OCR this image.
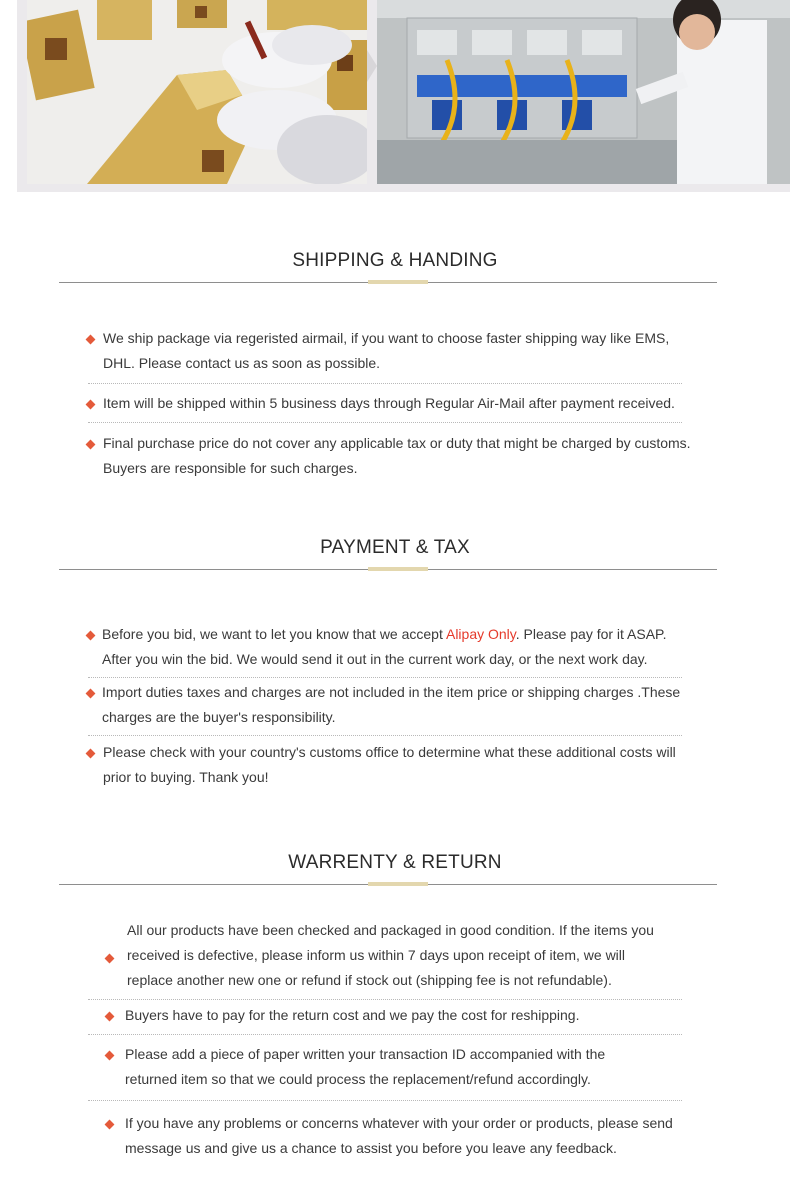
SHIPPING & HANDING
We ship package via regeristed airmail, if you want to choose faster shipping way like EMS, DHL. Please contact us as soon as possible.
Item will be shipped within 5 business days through Regular Air-Mail after payment received.
Final purchase price do not cover any applicable tax or duty that might be charged by customs. Buyers are responsible for such charges.
PAYMENT & TAX
Before you bid, we want to let you know that we accept Alipay Only. Please pay for it ASAP. After you win the bid. We would send it out in the current work day, or the next work day.
Import duties taxes and charges are not included in the item price or shipping charges .These charges are the buyer's responsibility.
Please check with your country's customs office to determine what these additional costs will prior to buying. Thank you!
WARRENTY & RETURN
All our products have been checked and packaged in good condition. If the items you received is defective, please inform us within 7 days upon receipt of item, we will replace another new one or refund if stock out (shipping fee is not refundable).
Buyers have to pay for the return cost and we pay the cost for reshipping.
Please add a piece of paper written your transaction ID accompanied with the returned item so that we could process the replacement/refund accordingly.
If you have any problems or concerns whatever with your order or products, please send message us and give us a chance to assist you before you leave any feedback.
